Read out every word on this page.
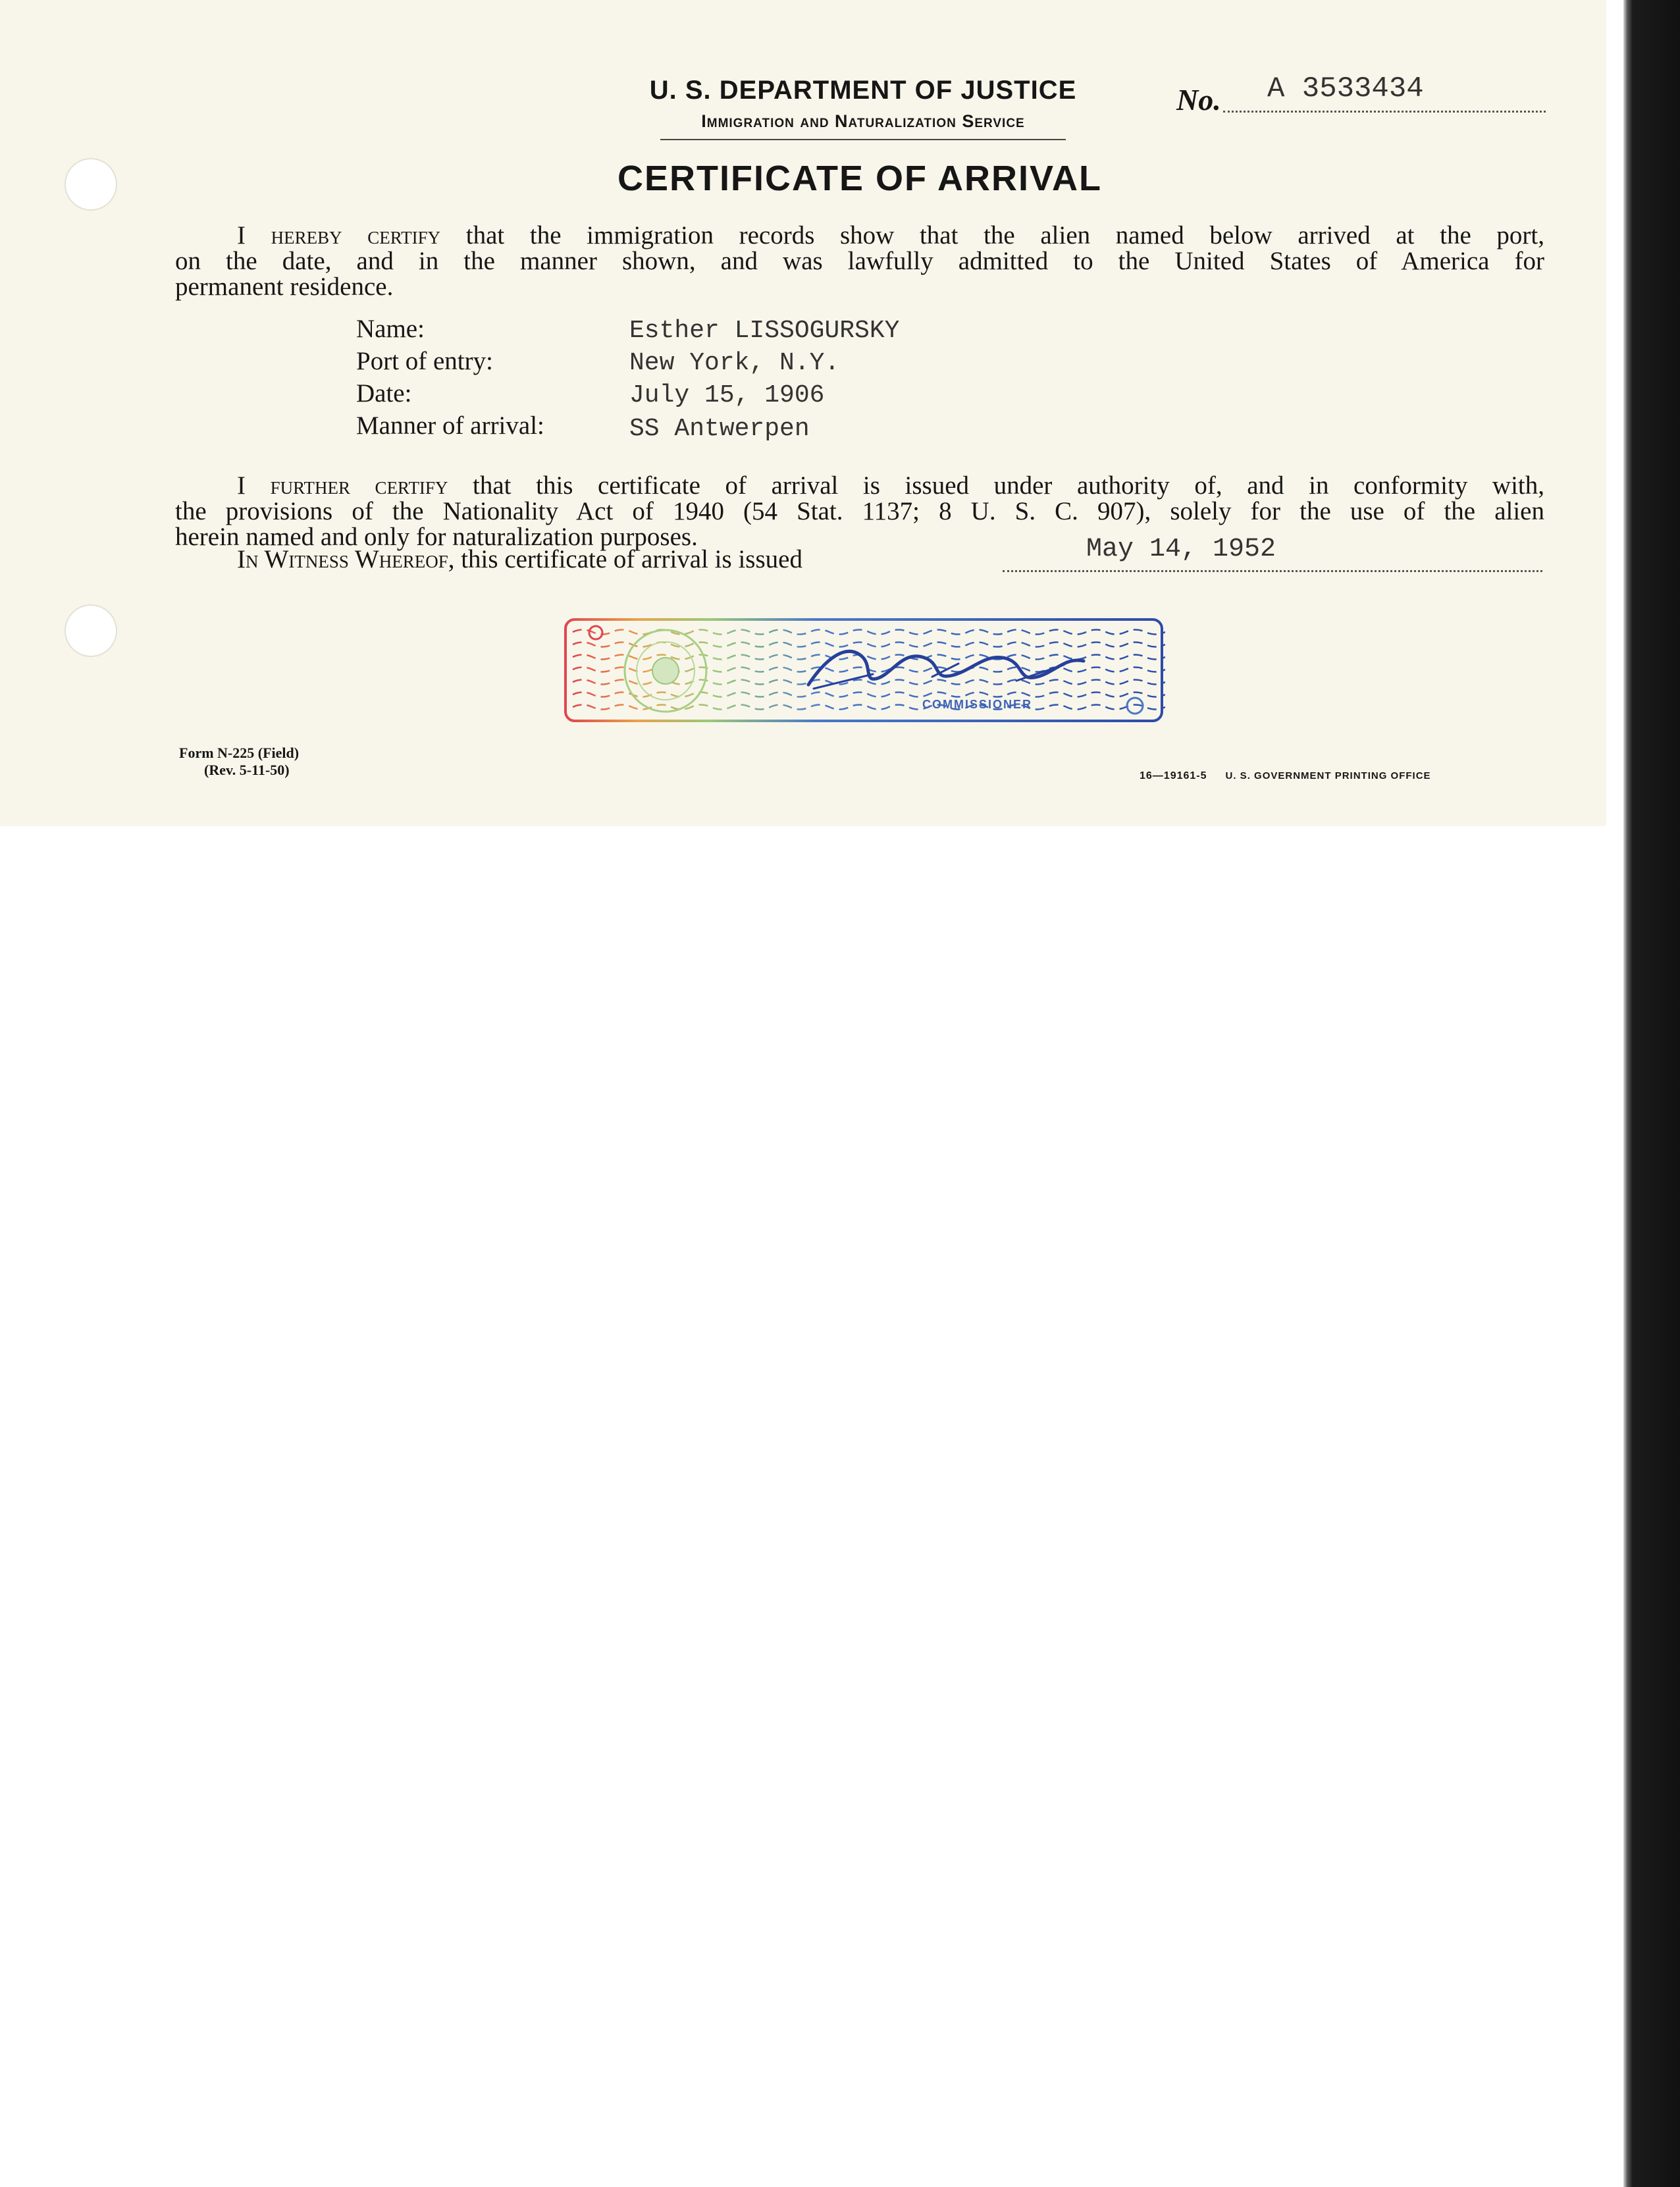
U. S. DEPARTMENT OF JUSTICE
Immigration and Naturalization Service
No. A 3533434
CERTIFICATE OF ARRIVAL

I hereby certify that the immigration records show that the alien named below arrived at the port,
on the date, and in the manner shown, and was lawfully admitted to the United States of America for
permanent residence.

Name:	Esther LISSOGURSKY
Port of entry:	New York, N.Y.
Date:	July 15, 1906
Manner of arrival:	SS Antwerpen

I further certify that this certificate of arrival is issued under authority of, and in conformity with,
the provisions of the Nationality Act of 1940 (54 Stat. 1137; 8 U. S. C. 907), solely for the use of the alien
herein named and only for naturalization purposes.

In Witness Whereof, this certificate of arrival is issued	May 14, 1952
COMMISSIONER
Form N-225 (Field)
(Rev. 5-11-50)	16—19161-5 U. S. GOVERNMENT PRINTING OFFICE
